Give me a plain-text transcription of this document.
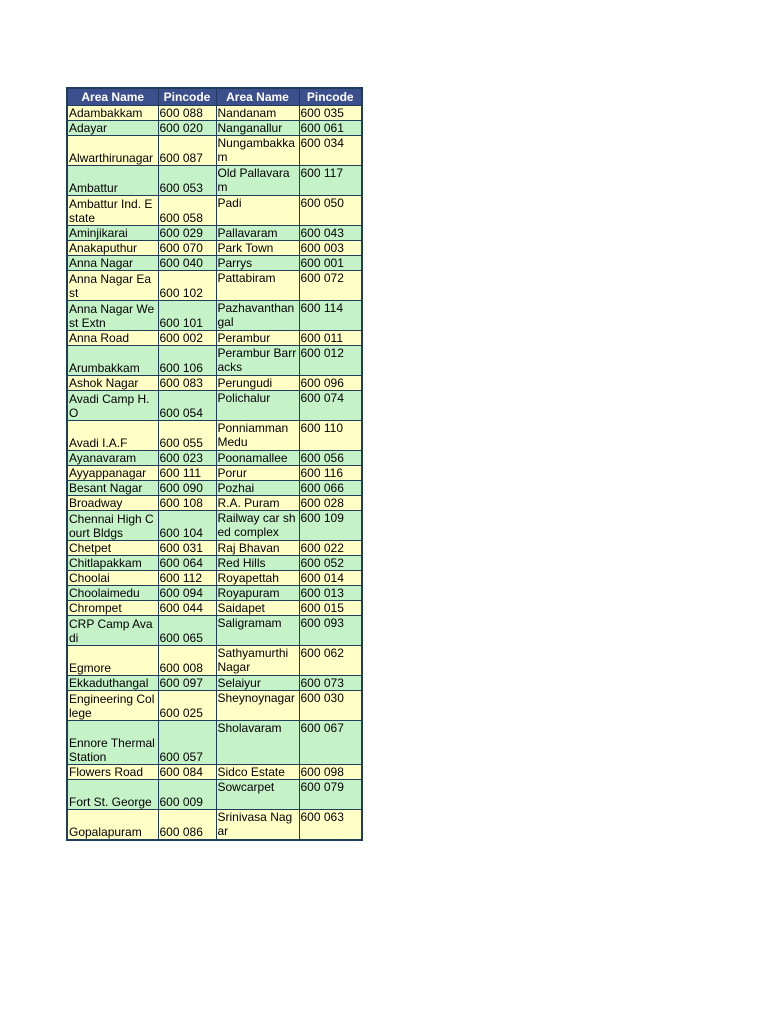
Area Name	Pincode	Area Name	Pincode
Adambakkam	600 088	Nandanam	600 035
Adayar	600 020	Nanganallur	600 061
Alwarthirunagar	600 087	Nungambakkam	600 034
Ambattur	600 053	Old Pallavaram	600 117
Ambattur Ind. Estate	600 058	Padi	600 050
Aminjikarai	600 029	Pallavaram	600 043
Anakaputhur	600 070	Park Town	600 003
Anna Nagar	600 040	Parrys	600 001
Anna Nagar East	600 102	Pattabiram	600 072
Anna Nagar West Extn	600 101	Pazhavanthangal	600 114
Anna Road	600 002	Perambur	600 011
Arumbakkam	600 106	Perambur Barracks	600 012
Ashok Nagar	600 083	Perungudi	600 096
Avadi Camp H.O	600 054	Polichalur	600 074
Avadi I.A.F	600 055	Ponniamman Medu	600 110
Ayanavaram	600 023	Poonamallee	600 056
Ayyappanagar	600 111	Porur	600 116
Besant Nagar	600 090	Pozhai	600 066
Broadway	600 108	R.A. Puram	600 028
Chennai High Court Bldgs	600 104	Railway car shed complex	600 109
Chetpet	600 031	Raj Bhavan	600 022
Chitlapakkam	600 064	Red Hills	600 052
Choolai	600 112	Royapettah	600 014
Choolaimedu	600 094	Royapuram	600 013
Chrompet	600 044	Saidapet	600 015
CRP Camp Avadi	600 065	Saligramam	600 093
Egmore	600 008	Sathyamurthi Nagar	600 062
Ekkaduthangal	600 097	Selaiyur	600 073
Engineering College	600 025	Sheynoynagar	600 030
Ennore Thermal Station	600 057	Sholavaram	600 067
Flowers Road	600 084	Sidco Estate	600 098
Fort St. George	600 009	Sowcarpet	600 079
Gopalapuram	600 086	Srinivasa Nagar	600 063
